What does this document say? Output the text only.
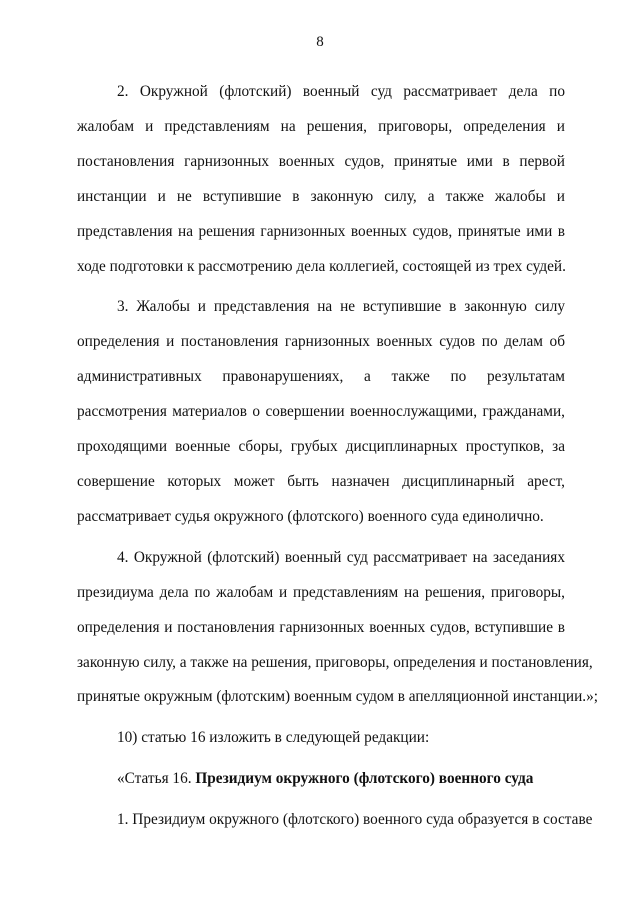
8
2. Окружной (флотский) военный суд рассматривает дела по
жалобам и представлениям на решения, приговоры, определения и
постановления гарнизонных военных судов, принятые ими в первой
инстанции и не вступившие в законную силу, а также жалобы и
представления на решения гарнизонных военных судов, принятые ими в
ходе подготовки к рассмотрению дела коллегией, состоящей из трех судей.
3. Жалобы и представления на не вступившие в законную силу
определения и постановления гарнизонных военных судов по делам об
административных правонарушениях, а также по результатам
рассмотрения материалов о совершении военнослужащими, гражданами,
проходящими военные сборы, грубых дисциплинарных проступков, за
совершение которых может быть назначен дисциплинарный арест,
рассматривает судья окружного (флотского) военного суда единолично.
4. Окружной (флотский) военный суд рассматривает на заседаниях
президиума дела по жалобам и представлениям на решения, приговоры,
определения и постановления гарнизонных военных судов, вступившие в
законную силу, а также на решения, приговоры, определения и постановления,
принятые окружным (флотским) военным судом в апелляционной инстанции.»;
10) статью 16 изложить в следующей редакции:
«Статья 16. Президиум окружного (флотского) военного суда
1. Президиум окружного (флотского) военного суда образуется в составе
